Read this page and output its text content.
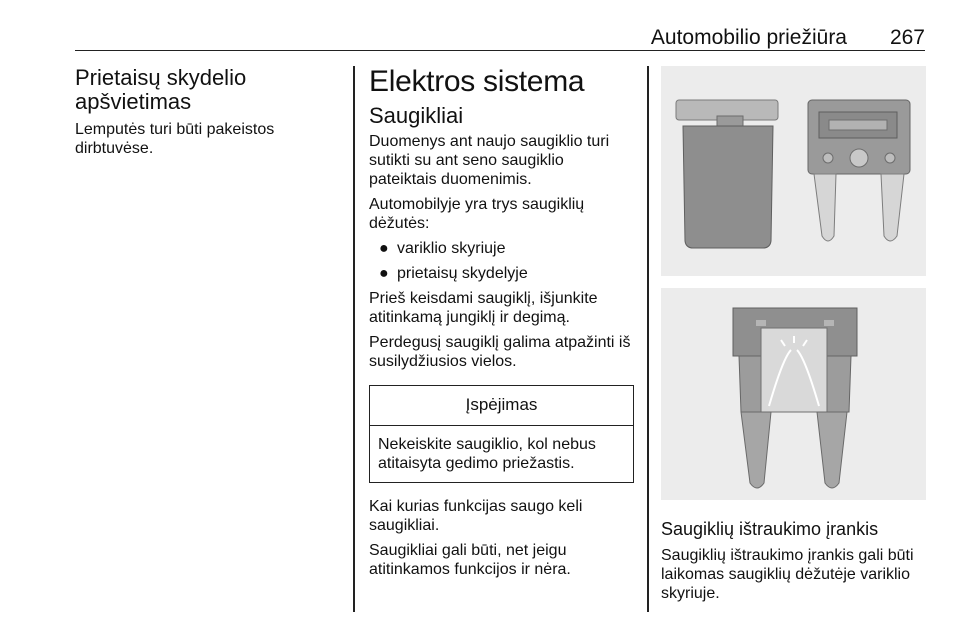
Automobilio priežiūra 267
Prietaisų skydelio apšvietimas

Lemputės turi būti pakeistos dirbtuvėse.

Elektros sistema
Saugikliai

Duomenys ant naujo saugiklio turi sutikti su ant seno saugiklio pateiktais duomenimis.

Automobilyje yra trys saugiklių dėžutės:

● variklio skyriuje
● prietaisų skydelyje

Prieš keisdami saugiklį, išjunkite atitinkamą jungiklį ir degimą.

Perdegusį saugiklį galima atpažinti iš susilydžiusios vielos.

Įspėjimas
Nekeiskite saugiklio, kol nebus atitaisyta gedimo priežastis.

Kai kurias funkcijas saugo keli saugikliai.

Saugikliai gali būti, net jeigu atitinkamos funkcijos ir nėra.

Saugiklių ištraukimo įrankis

Saugiklių ištraukimo įrankis gali būti laikomas saugiklių dėžutėje variklio skyriuje.
